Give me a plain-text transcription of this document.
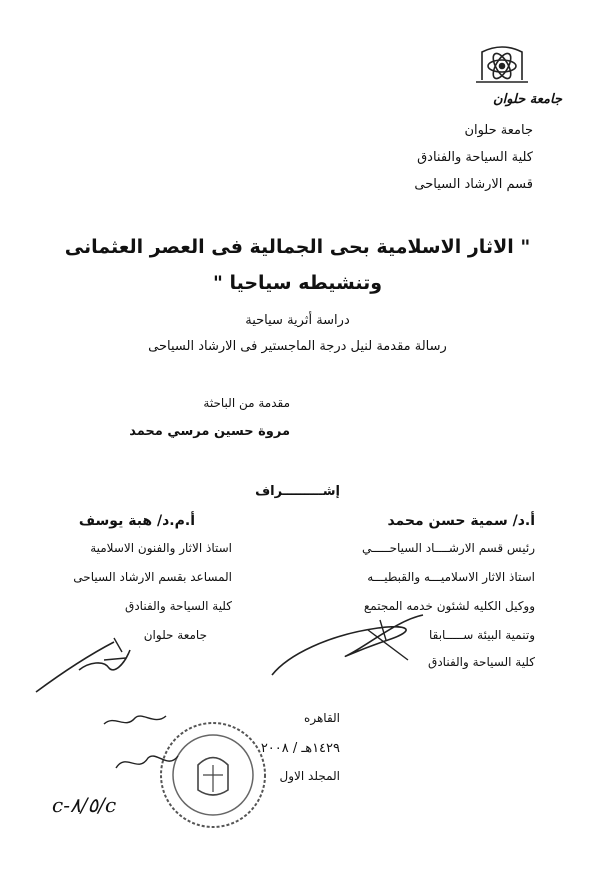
جامعة حلوان
جامعة حلوان
كلية السياحة والفنادق
قسم الارشاد السياحى
" الاثار الاسلامية بحى الجمالية فى العصر العثمانى
وتنشيطه سياحيا "
دراسة أثرية سياحية
رسالة مقدمة لنيل درجة الماجستير فى الارشاد السياحى
مقدمة من الباحثة
مروة حسين مرسي محمد
إشـــــــــراف
أ.د/ سمية حسن محمد
رئيس قسم الارشــــاد السياحـــــي
استاذ الاثار الاسلاميـــه والقبطيـــه
ووكيل الكليه لشئون خدمه المجتمع
وتنمية البيئة ســـــابقا
كلية السياحة والفنادق
أ.م.د/ هبة يوسف
استاذ الاثار والفنون الاسلامية
المساعد بقسم الارشاد السياحى
كلية السياحة والفنادق
جامعة حلوان
القاهره
١٤٢٩هـ / ٢٠٠٨
المجلد الاول
c-٨/٥/c
